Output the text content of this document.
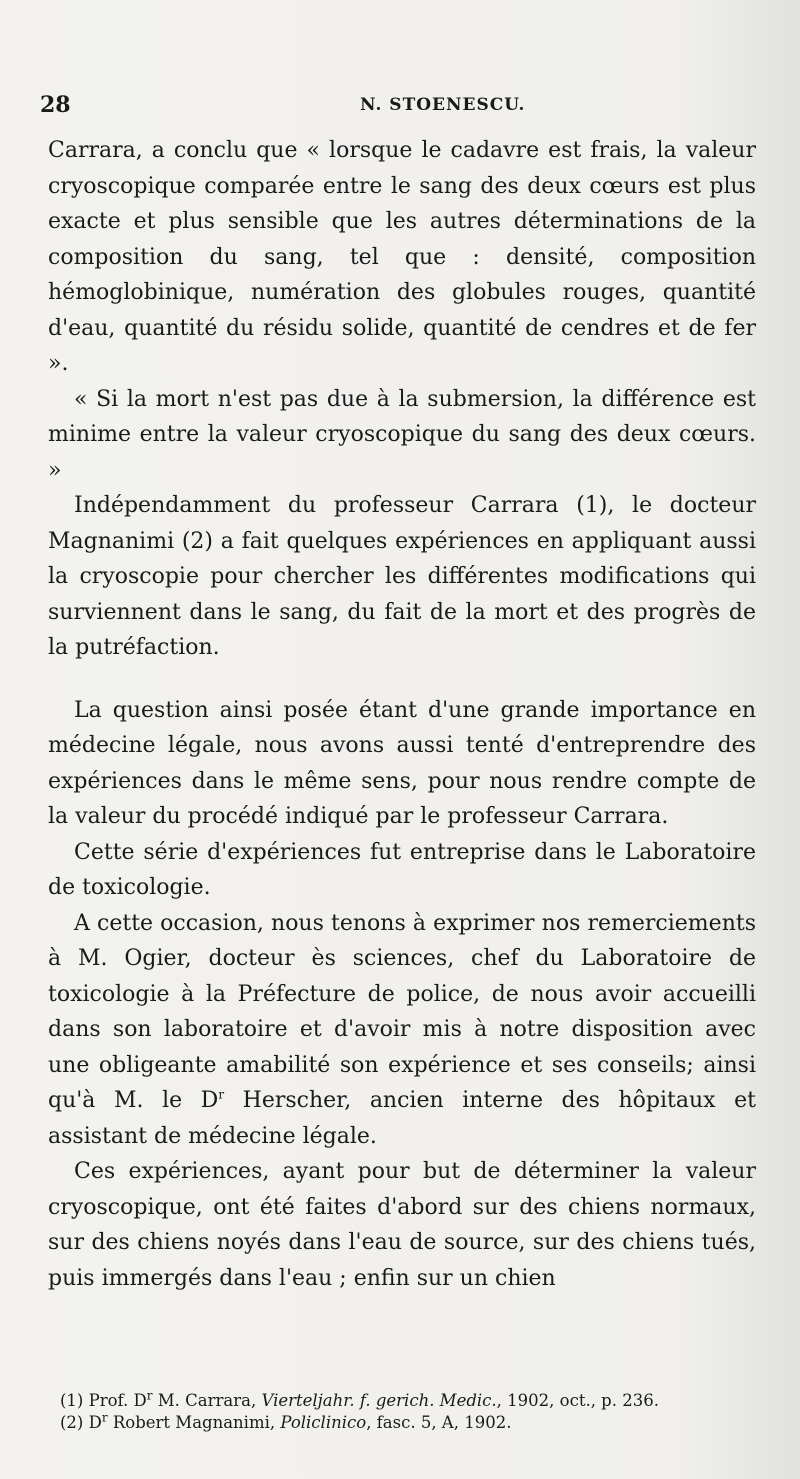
28	N. STOENESCU.

Carrara, a conclu que « lorsque le cadavre est frais, la valeur cryoscopique comparée entre le sang des deux cœurs est plus exacte et plus sensible que les autres déterminations de la composition du sang, tel que : densité, composition hémoglobinique, numération des globules rouges, quantité d'eau, quantité du résidu solide, quantité de cendres et de fer ».

« Si la mort n'est pas due à la submersion, la différence est minime entre la valeur cryoscopique du sang des deux cœurs. »

Indépendamment du professeur Carrara (1), le docteur Magnanimi (2) a fait quelques expériences en appliquant aussi la cryoscopie pour chercher les différentes modifications qui surviennent dans le sang, du fait de la mort et des progrès de la putréfaction.

La question ainsi posée étant d'une grande importance en médecine légale, nous avons aussi tenté d'entreprendre des expériences dans le même sens, pour nous rendre compte de la valeur du procédé indiqué par le professeur Carrara.

Cette série d'expériences fut entreprise dans le Laboratoire de toxicologie.

A cette occasion, nous tenons à exprimer nos remerciements à M. Ogier, docteur ès sciences, chef du Laboratoire de toxicologie à la Préfecture de police, de nous avoir accueilli dans son laboratoire et d'avoir mis à notre disposition avec une obligeante amabilité son expérience et ses conseils; ainsi qu'à M. le $D^r$ Herscher, ancien interne des hôpitaux et assistant de médecine légale.

Ces expériences, ayant pour but de déterminer la valeur cryoscopique, ont été faites d'abord sur des chiens normaux, sur des chiens noyés dans l'eau de source, sur des chiens tués, puis immergés dans l'eau ; enfin sur un chien

(1) Prof. $D^r$ M. Carrara, Vierteljahr. f. gerich. Medic., 1902, oct., p. 236.

(2) $D^r$ Robert Magnanimi, Policlinico, fasc. 5, A, 1902.
